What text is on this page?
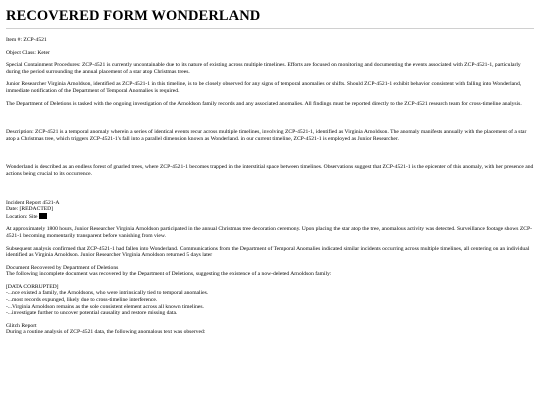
RECOVERED FORM WONDERLAND

Item #: ZCP-4521

Object Class: Keter

Special Containment Procedures: ZCP-4521 is currently uncontainable due to its nature of existing across multiple timelines. Efforts are focused on monitoring and documenting the events associated with ZCP-4521-1, particularly during the period surrounding the annual placement of a star atop Christmas trees.

Junior Researcher Virginia Arnoldson, identified as ZCP-4521-1 in this timeline, is to be closely observed for any signs of temporal anomalies or shifts. Should ZCP-4521-1 exhibit behavior consistent with falling into Wonderland, immediate notification of the Department of Temporal Anomalies is required.

The Department of Deletions is tasked with the ongoing investigation of the Arnoldson family records and any associated anomalies. All findings must be reported directly to the ZCP-4521 research team for cross-timeline analysis.

Description: ZCP-4521 is a temporal anomaly wherein a series of identical events recur across multiple timelines, involving ZCP-4521-1, identified as Virginia Arnoldson. The anomaly manifests annually with the placement of a star atop a Christmas tree, which triggers ZCP-4521-1's fall into a parallel dimension known as Wonderland. in our current timeline, ZCP-4521-1 is employed as Junior Researcher.

Wonderland is described as an endless forest of gnarled trees, where ZCP-4521-1 becomes trapped in the interstitial space between timelines. Observations suggest that ZCP-4521-1 is the epicenter of this anomaly, with her presence and actions being crucial to its occurrence.

Incident Report 4521-A

Date: [REDACTED]

Location: Site

At approximately 1800 hours, Junior Researcher Virginia Arnoldson participated in the annual Christmas tree decoration ceremony. Upon placing the star atop the tree, anomalous activity was detected. Surveillance footage shows ZCP-4521-1 becoming momentarily transparent before vanishing from view.

Subsequent analysis confirmed that ZCP-4521-1 had fallen into Wonderland. Communications from the Department of Temporal Anomalies indicated similar incidents occurring across multiple timelines, all centering on an individual identified as Virginia Arnoldson. Junior Researcher Virginia Arnoldson returned 5 days later

Document Recovered by Department of Deletions

The following incomplete document was recovered by the Department of Deletions, suggesting the existence of a now-deleted Arnoldson family:

[DATA CORRUPTED]

-...nce existed a family, the Arnoldsons, who were intrinsically tied to temporal anomalies.

-...most records expunged, likely due to cross-timeline interference.

-...Virginia Arnoldson remains as the sole consistent element across all known timelines.

-...investigate further to uncover potential causality and restore missing data.

Glitch Report

During a routine analysis of ZCP-4521 data, the following anomalous text was observed:
